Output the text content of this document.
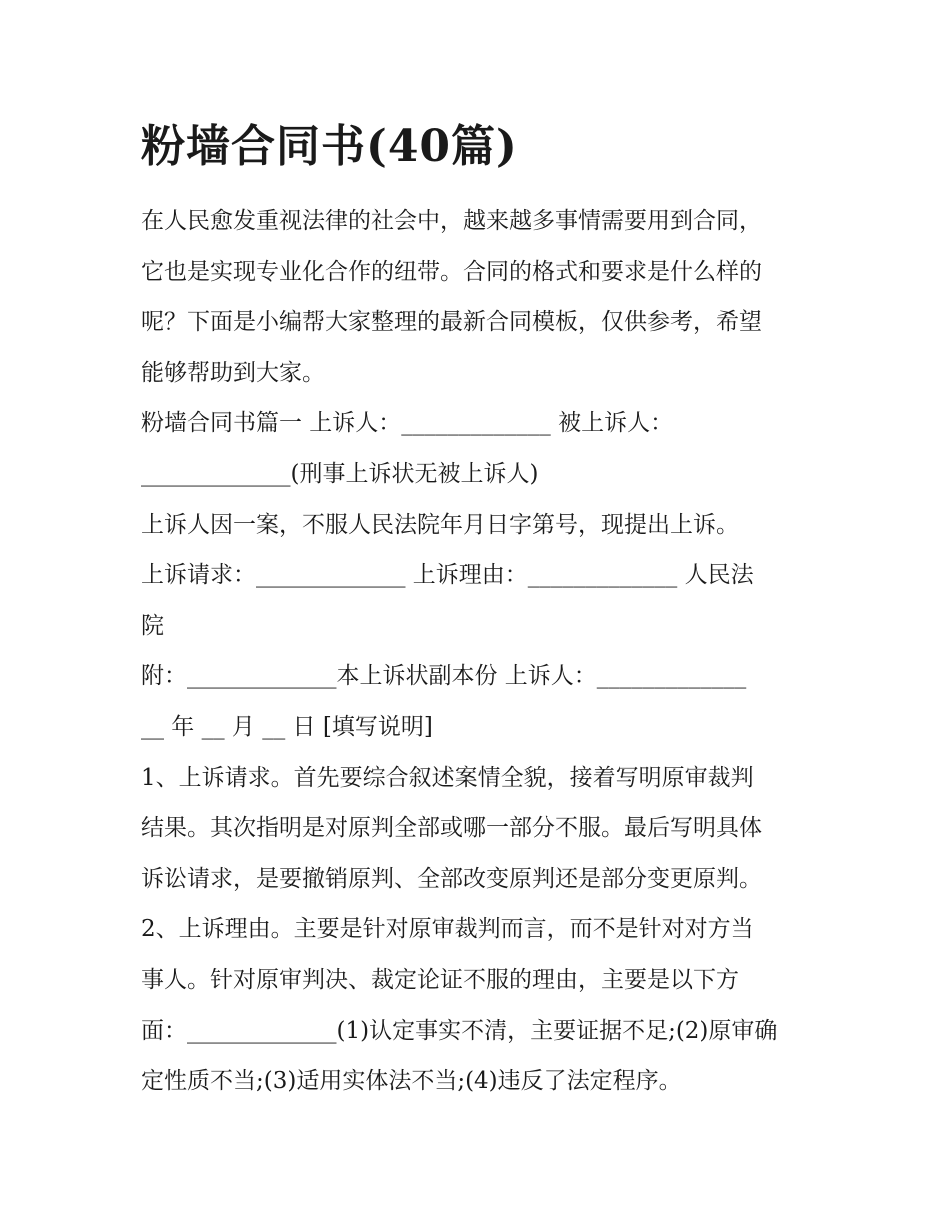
粉墙合同书(40篇)

在人民愈发重视法律的社会中，越来越多事情需要用到合同，

它也是实现专业化合作的纽带。合同的格式和要求是什么样的

呢？下面是小编帮大家整理的最新合同模板，仅供参考，希望

能够帮助到大家。

粉墙合同书篇一 上诉人：_____________ 被上诉人：

_____________(刑事上诉状无被上诉人)

上诉人因一案，不服人民法院年月日字第号，现提出上诉。

上诉请求：_____________ 上诉理由：_____________ 人民法

院

附：_____________本上诉状副本份 上诉人：_____________

__ 年 __ 月 __ 日 [填写说明]

1、上诉请求。首先要综合叙述案情全貌，接着写明原审裁判

结果。其次指明是对原判全部或哪一部分不服。最后写明具体

诉讼请求，是要撤销原判、全部改变原判还是部分变更原判。

2、上诉理由。主要是针对原审裁判而言，而不是针对对方当

事人。针对原审判决、裁定论证不服的理由，主要是以下方

面：_____________(1)认定事实不清，主要证据不足;(2)原审确

定性质不当;(3)适用实体法不当;(4)违反了法定程序。
